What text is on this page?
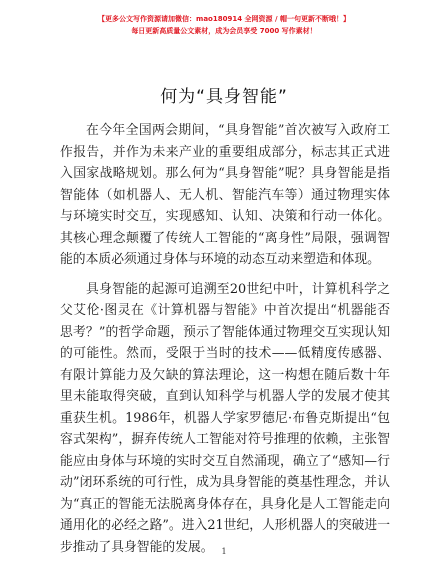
【更多公文写作资源请加微信：mao180914 全网资源 / 帽一句更新不断哦！】
每日更新高质量公文素材，成为会员享受 7000 写作素材！
何为“具身智能”

在今年全国两会期间，“具身智能”首次被写入政府工作报告，并作为未来产业的重要组成部分，标志其正式进入国家战略规划。那么何为“具身智能”呢？具身智能是指智能体（如机器人、无人机、智能汽车等）通过物理实体与环境实时交互，实现感知、认知、决策和行动一体化。其核心理念颠覆了传统人工智能的“离身性”局限，强调智能的本质必须通过身体与环境的动态互动来塑造和体现。

具身智能的起源可追溯至20世纪中叶，计算机科学之父艾伦·图灵在《计算机器与智能》中首次提出“机器能否思考？”的哲学命题，预示了智能体通过物理交互实现认知的可能性。然而，受限于当时的技术——低精度传感器、有限计算能力及欠缺的算法理论，这一构想在随后数十年里未能取得突破，直到认知科学与机器人学的发展才使其重获生机。1986年，机器人学家罗德尼·布鲁克斯提出“包容式架构”，摒弃传统人工智能对符号推理的依赖，主张智能应由身体与环境的实时交互自然涌现，确立了“感知—行动”闭环系统的可行性，成为具身智能的奠基性理念，并认为“真正的智能无法脱离身体存在，具身化是人工智能走向通用化的必经之路”。进入21世纪，人形机器人的突破进一步推动了具身智能的发展。 1
